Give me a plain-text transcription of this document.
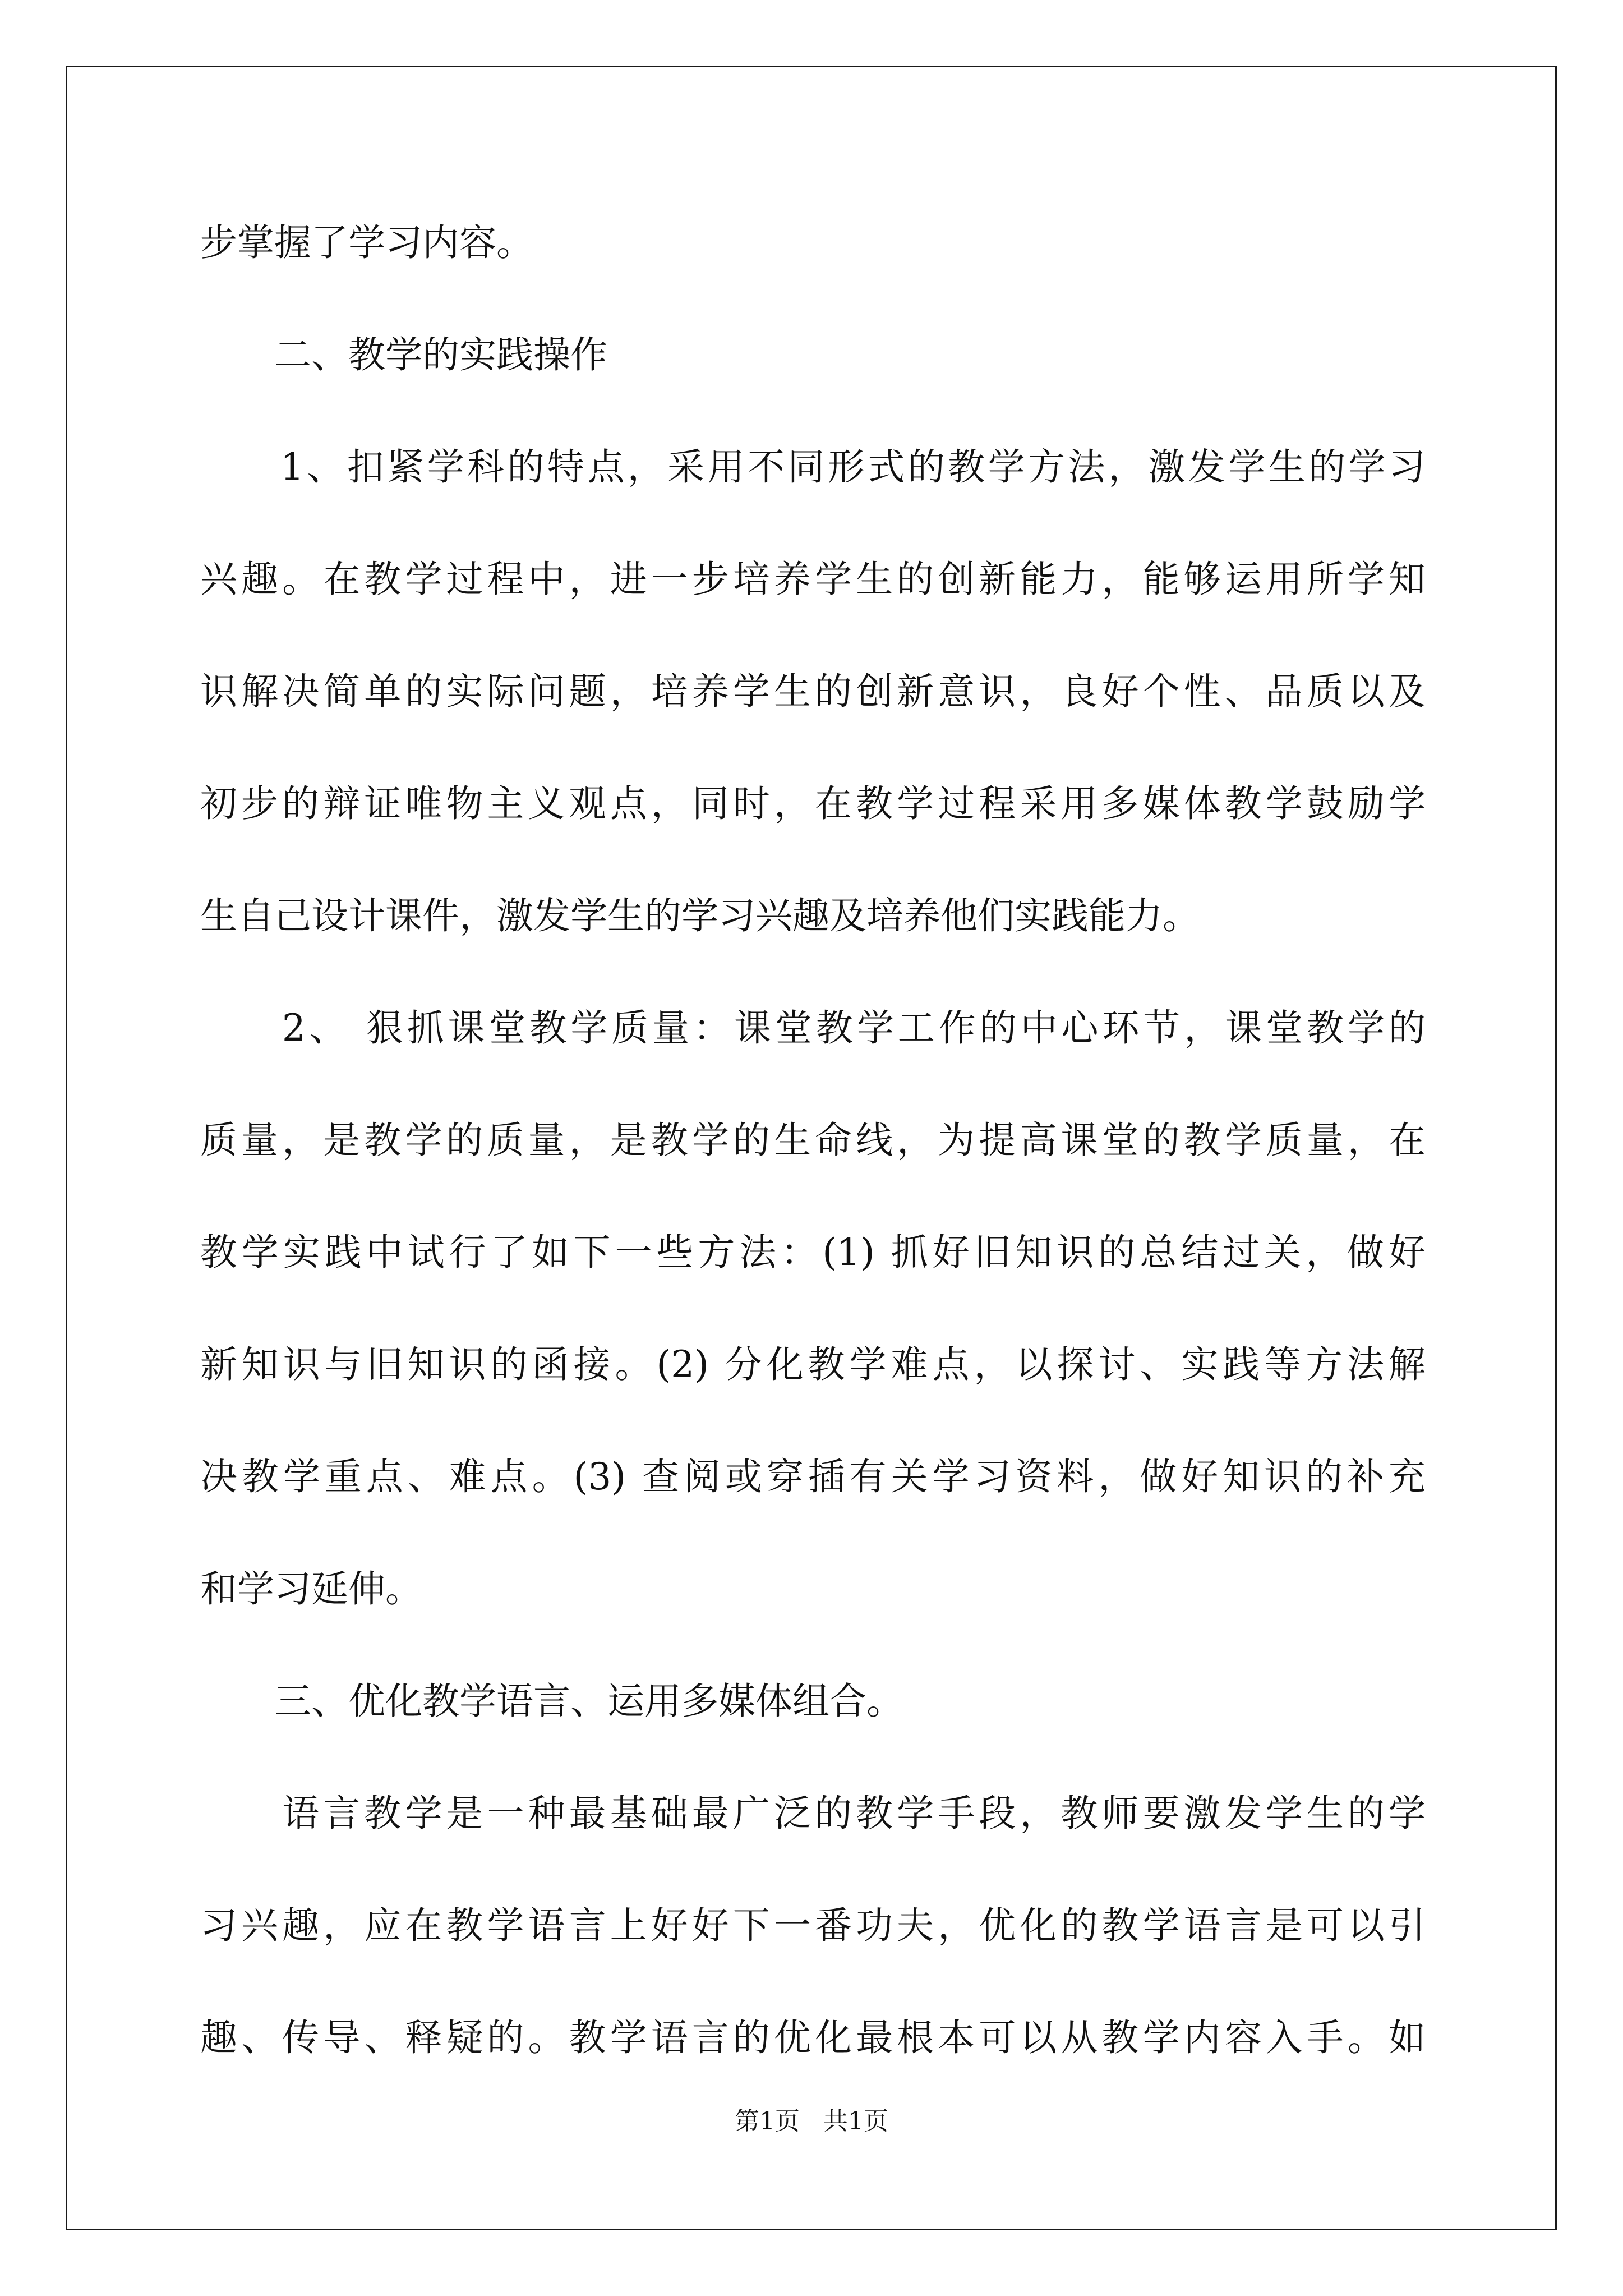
步掌握了学习内容。

　　二、教学的实践操作

　　1、扣紧学科的特点，采用不同形式的教学方法，激发学生的学习

兴趣。在教学过程中，进一步培养学生的创新能力，能够运用所学知

识解决简单的实际问题，培养学生的创新意识，良好个性、品质以及

初步的辩证唯物主义观点，同时，在教学过程采用多媒体教学鼓励学

生自己设计课件，激发学生的学习兴趣及培养他们实践能力。

　　2、 狠抓课堂教学质量：课堂教学工作的中心环节，课堂教学的

质量，是教学的质量，是教学的生命线，为提高课堂的教学质量，在

教学实践中试行了如下一些方法：(1) 抓好旧知识的总结过关，做好

新知识与旧知识的函接。(2) 分化教学难点，以探讨、实践等方法解

决教学重点、难点。(3) 查阅或穿插有关学习资料，做好知识的补充

和学习延伸。

　　三、优化教学语言、运用多媒体组合。

　　语言教学是一种最基础最广泛的教学手段，教师要激发学生的学

习兴趣，应在教学语言上好好下一番功夫，优化的教学语言是可以引

趣、传导、释疑的。教学语言的优化最根本可以从教学内容入手。如

第1页   共1页
